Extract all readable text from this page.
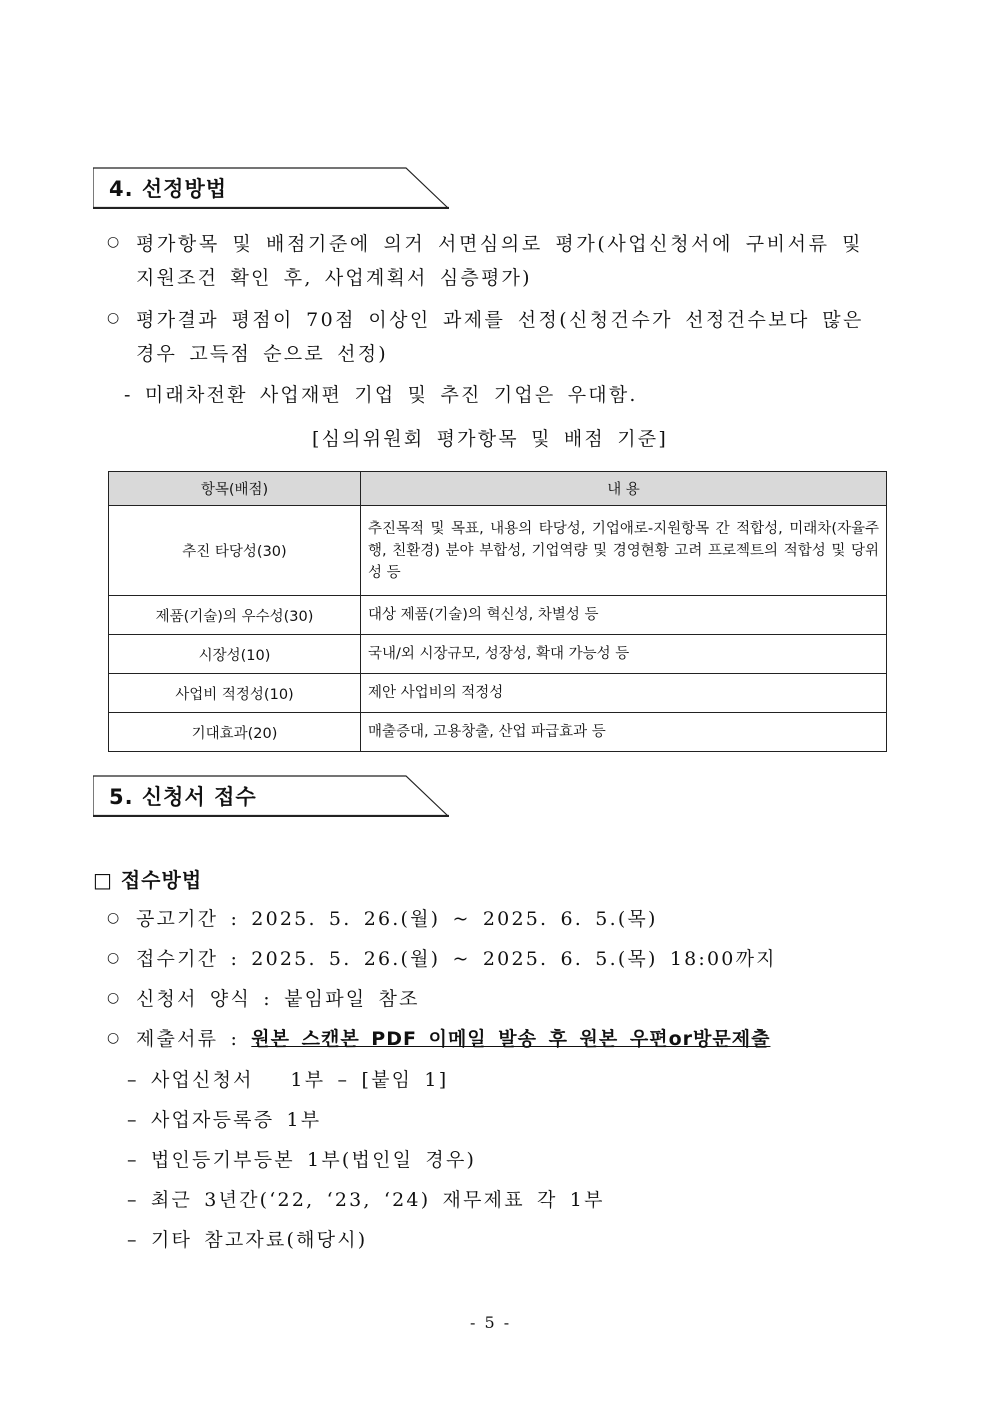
4. 선정방법
○ 평가항목 및 배점기준에 의거 서면심의로 평가(사업신청서에 구비서류 및
지원조건 확인 후, 사업계획서 심층평가)
○ 평가결과 평점이 70점 이상인 과제를 선정(신청건수가 선정건수보다 많은
경우 고득점 순으로 선정)
- 미래차전환 사업재편 기업 및 추진 기업은 우대함.
[심의위원회 평가항목 및 배점 기준]
항목(배점)	내 용
추진 타당성(30)	추진목적 및 목표, 내용의 타당성, 기업애로-지원항목 간 적합성, 미래차(자율주행, 친환경) 분야 부합성, 기업역량 및 경영현황 고려 프로젝트의 적합성 및 당위성 등
제품(기술)의 우수성(30)	대상 제품(기술)의 혁신성, 차별성 등
시장성(10)	국내/외 시장규모, 성장성, 확대 가능성 등
사업비 적정성(10)	제안 사업비의 적정성
기대효과(20)	매출증대, 고용창출, 산업 파급효과 등
5. 신청서 접수
□ 접수방법
○ 공고기간 : 2025. 5. 26.(월) ~ 2025. 6. 5.(목)
○ 접수기간 : 2025. 5. 26.(월) ~ 2025. 6. 5.(목) 18:00까지
○ 신청서 양식 : 붙임파일 참조
○ 제출서류 : 원본 스캔본 PDF 이메일 발송 후 원본 우편or방문제출
– 사업신청서   1부 – [붙임 1]
– 사업자등록증 1부
– 법인등기부등본 1부(법인일 경우)
– 최근 3년간(‘22, ‘23, ‘24) 재무제표 각 1부
– 기타 참고자료(해당시)
- 5 -
